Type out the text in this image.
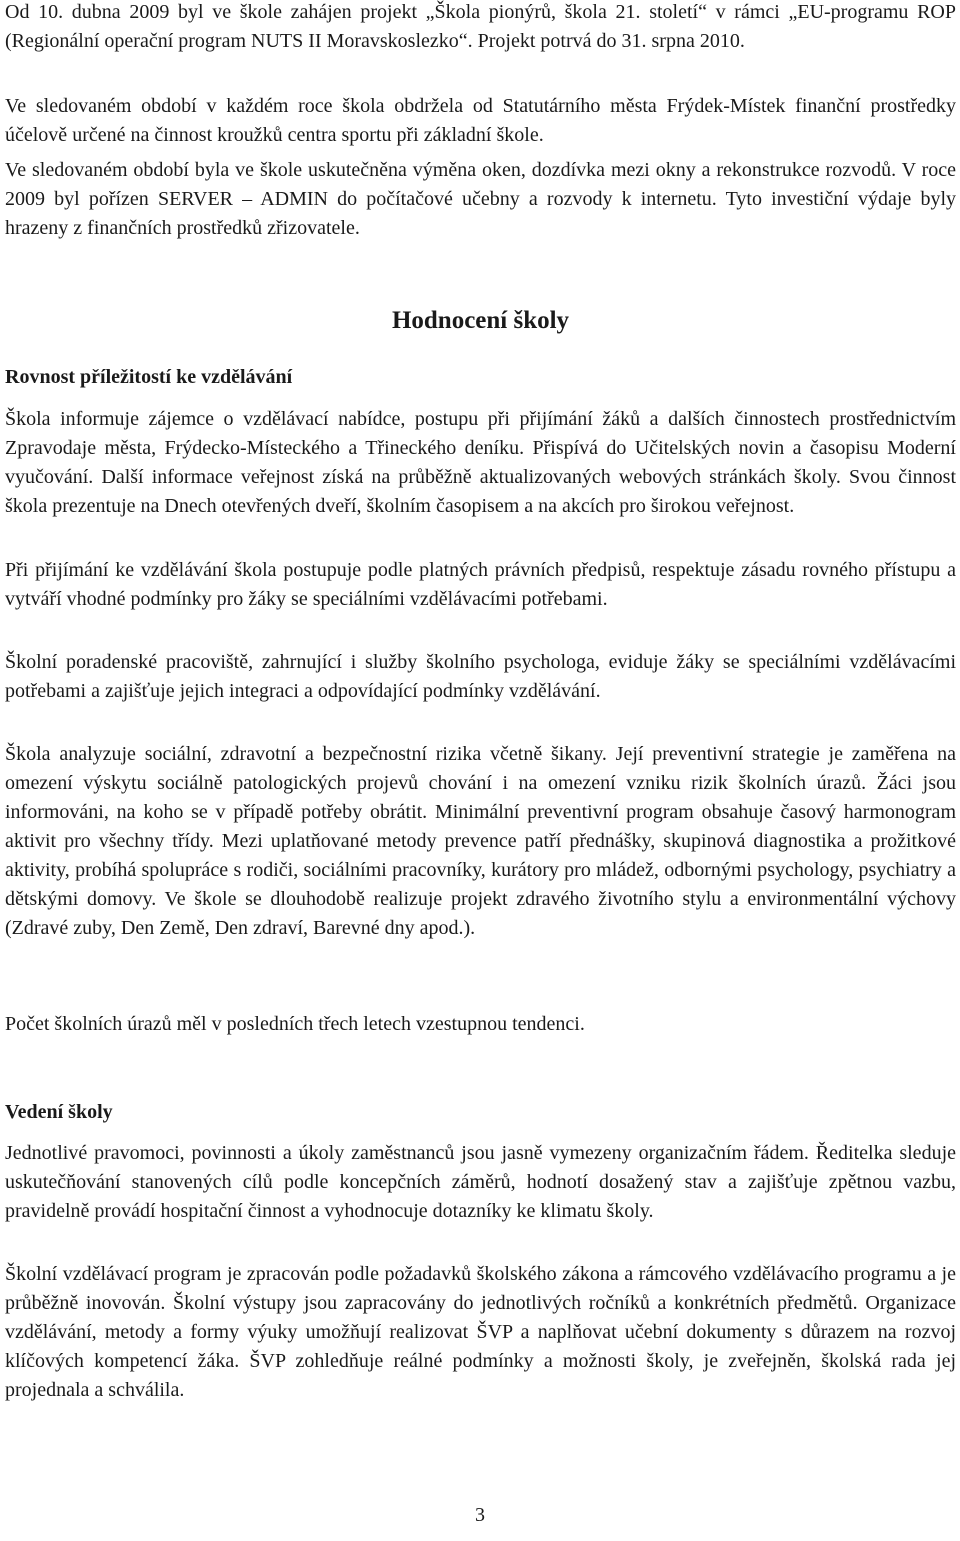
Od 10. dubna 2009 byl ve škole zahájen projekt „Škola pionýrů, škola 21. století“ v rámci „EU-programu ROP (Regionální operační program NUTS II Moravskoslezko“. Projekt potrvá do 31. srpna 2010.

Ve sledovaném období v každém roce škola obdržela od Statutárního města Frýdek-Místek finanční prostředky účelově určené na činnost kroužků centra sportu při základní škole.

Ve sledovaném období byla ve škole uskutečněna výměna oken, dozdívka mezi okny a rekonstrukce rozvodů. V roce 2009 byl pořízen SERVER – ADMIN do počítačové učebny a rozvody k internetu. Tyto investiční výdaje byly hrazeny z finančních prostředků zřizovatele.

Hodnocení školy
Rovnost příležitostí ke vzdělávání

Škola informuje zájemce o vzdělávací nabídce, postupu při přijímání žáků a dalších činnostech prostřednictvím Zpravodaje města, Frýdecko-Místeckého a Třineckého deníku. Přispívá do Učitelských novin a časopisu Moderní vyučování. Další informace veřejnost získá na průběžně aktualizovaných webových stránkách školy. Svou činnost škola prezentuje na Dnech otevřených dveří, školním časopisem a na akcích pro širokou veřejnost.

Při přijímání ke vzdělávání škola postupuje podle platných právních předpisů, respektuje zásadu rovného přístupu a vytváří vhodné podmínky pro žáky se speciálními vzdělávacími potřebami.

Školní poradenské pracoviště, zahrnující i služby školního psychologa, eviduje žáky se speciálními vzdělávacími potřebami a zajišťuje jejich integraci a odpovídající podmínky vzdělávání.

Škola analyzuje sociální, zdravotní a bezpečnostní rizika včetně šikany. Její preventivní strategie je zaměřena na omezení výskytu sociálně patologických projevů chování i na omezení vzniku rizik školních úrazů. Žáci jsou informováni, na koho se v případě potřeby obrátit. Minimální preventivní program obsahuje časový harmonogram aktivit pro všechny třídy. Mezi uplatňované metody prevence patří přednášky, skupinová diagnostika a prožitkové aktivity, probíhá spolupráce s rodiči, sociálními pracovníky, kurátory pro mládež, odbornými psychology, psychiatry a dětskými domovy. Ve škole se dlouhodobě realizuje projekt zdravého životního stylu a environmentální výchovy (Zdravé zuby, Den Země, Den zdraví, Barevné dny apod.).

Počet školních úrazů měl v posledních třech letech vzestupnou tendenci.

Vedení školy

Jednotlivé pravomoci, povinnosti a úkoly zaměstnanců jsou jasně vymezeny organizačním řádem. Ředitelka sleduje uskutečňování stanovených cílů podle koncepčních záměrů, hodnotí dosažený stav a zajišťuje zpětnou vazbu, pravidelně provádí hospitační činnost a vyhodnocuje dotazníky ke klimatu školy.

Školní vzdělávací program je zpracován podle požadavků školského zákona a rámcového vzdělávacího programu a je průběžně inovován. Školní výstupy jsou zapracovány do jednotlivých ročníků a konkrétních předmětů. Organizace vzdělávání, metody a formy výuky umožňují realizovat ŠVP a naplňovat učební dokumenty s důrazem na rozvoj klíčových kompetencí žáka. ŠVP zohledňuje reálné podmínky a možnosti školy, je zveřejněn, školská rada jej projednala a schválila.

3
